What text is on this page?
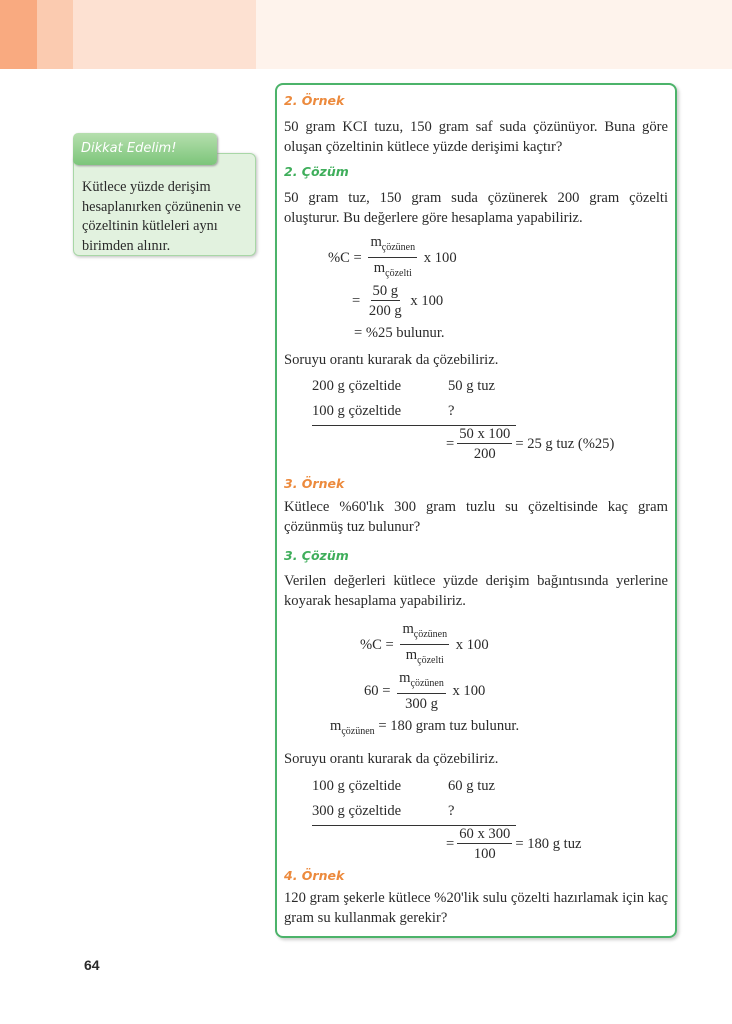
Dikkat Edelim!
Kütlece yüzde derişim hesaplanırken çözünenin ve çözeltinin kütleleri aynı birimden alınır.
2. Örnek
50 gram KCI tuzu, 150 gram saf suda çözünüyor. Buna göre oluşan çözeltinin kütlece yüzde derişimi kaçtır?
2. Çözüm
50 gram tuz, 150 gram suda çözünerek 200 gram çözelti oluşturur. Bu değerlere göre hesaplama yapabiliriz.
$\%C = \frac{m_{çözünen}}{m_{çözelti}}$ x 100
= $\frac{50 g}{200 g}$ x 100
= %25 bulunur.
Soruyu orantı kurarak da çözebiliriz.
200 g çözeltide	50 g tuz
100 g çözeltide	?
= $\frac{50 x 100}{200} = 25$ g tuz (%25)
3. Örnek
Kütlece %60'lık 300 gram tuzlu su çözeltisinde kaç gram çözünmüş tuz bulunur?
3. Çözüm
Verilen değerleri kütlece yüzde derişim bağıntısında yerlerine koyarak hesaplama yapabiliriz.
$\%C = \frac{m_{çözünen}}{m_{çözelti}}$ x 100
$60 = \frac{m_{çözünen}}{300 g}$ x 100
$m_{çözünen} = 180$ gram tuz bulunur.
Soruyu orantı kurarak da çözebiliriz.
100 g çözeltide	60 g tuz
300 g çözeltide	?
= $\frac{60 x 300}{100} = 180$ g tuz
4. Örnek
120 gram şekerle kütlece %20'lik sulu çözelti hazırlamak için kaç gram su kullanmak gerekir?
64
